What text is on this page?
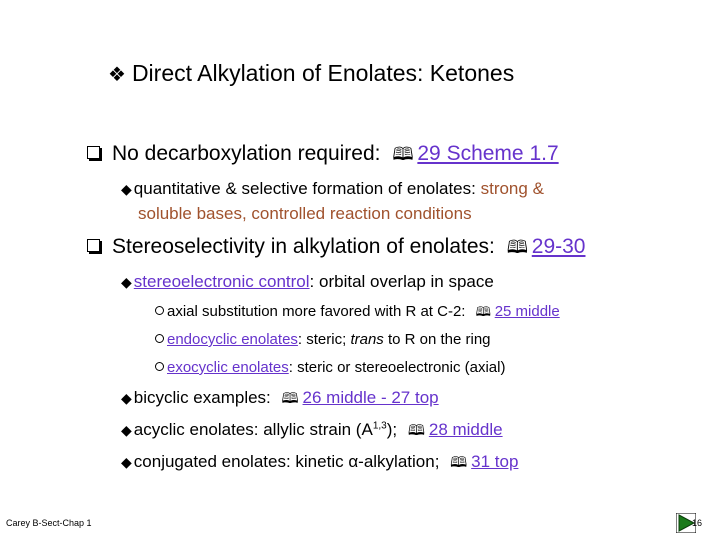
❖ Direct Alkylation of Enolates: Ketones
No decarboxylation required: 🕮 29 Scheme 1.7
◆ quantitative & selective formation of enolates: strong &
soluble bases, controlled reaction conditions
Stereoselectivity in alkylation of enolates: 🕮 29-30
◆ stereoelectronic control: orbital overlap in space
axial substitution more favored with R at C-2: 🕮 25 middle
endocyclic enolates: steric; trans to R on the ring
exocyclic enolates: steric or stereoelectronic (axial)
◆ bicyclic examples: 🕮 26 middle - 27 top
◆ acyclic enolates: allylic strain $(A^{1,3})$; 🕮 28 middle
◆ conjugated enolates: kinetic α-alkylation; 🕮 31 top
Carey B-Sect-Chap 1	16
